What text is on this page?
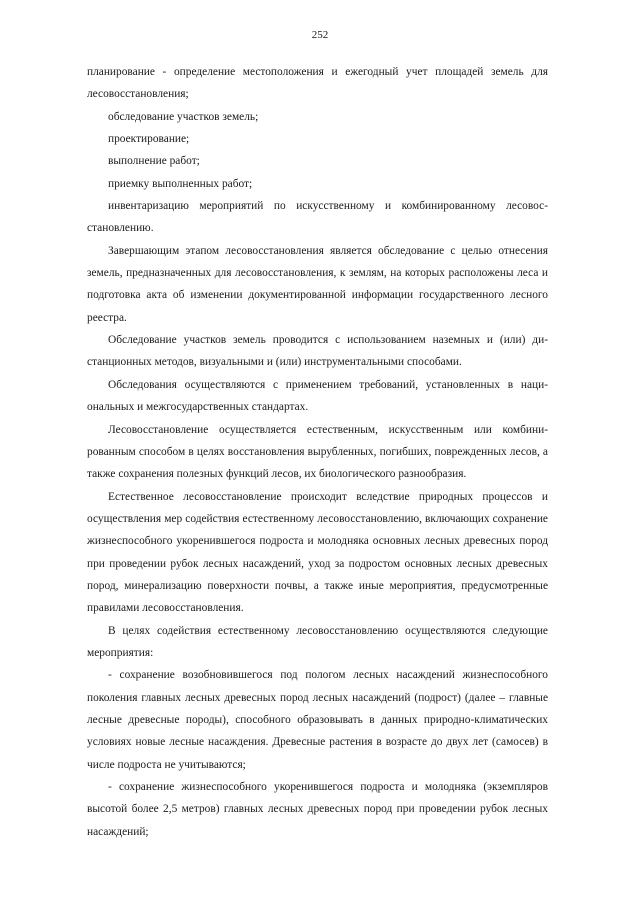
252

планирование - определение местоположения и ежегодный учет площадей земель для лесовосстановления;

обследование участков земель;

проектирование;

выполнение работ;

приемку выполненных работ;

инвентаризацию мероприятий по искусственному и комбинированному лесовосстановлению.

Завершающим этапом лесовосстановления является обследование с целью отнесения земель, предназначенных для лесовосстановления, к землям, на которых расположены леса и подготовка акта об изменении документированной информации государственного лесного реестра.

Обследование участков земель проводится с использованием наземных и (или) дистанционных методов, визуальными и (или) инструментальными способами.

Обследования осуществляются с применением требований, установленных в национальных и межгосударственных стандартах.

Лесовосстановление осуществляется естественным, искусственным или комбинированным способом в целях восстановления вырубленных, погибших, поврежденных лесов, а также сохранения полезных функций лесов, их биологического разнообразия.

Естественное лесовосстановление происходит вследствие природных процессов и осуществления мер содействия естественному лесовосстановлению, включающих сохранение жизнеспособного укоренившегося подроста и молодняка основных лесных древесных пород при проведении рубок лесных насаждений, уход за подростом основных лесных древесных пород, минерализацию поверхности почвы, а также иные мероприятия, предусмотренные правилами лесовосстановления.

В целях содействия естественному лесовосстановлению осуществляются следующие мероприятия:

- сохранение возобновившегося под пологом лесных насаждений жизнеспособного поколения главных лесных древесных пород лесных насаждений (подрост) (далее – главные лесные древесные породы), способного образовывать в данных природно-климатических условиях новые лесные насаждения. Древесные растения в возрасте до двух лет (самосев) в числе подроста не учитываются;

- сохранение жизнеспособного укоренившегося подроста и молодняка (экземпляров высотой более 2,5 метров) главных лесных древесных пород при проведении рубок лесных насаждений;
